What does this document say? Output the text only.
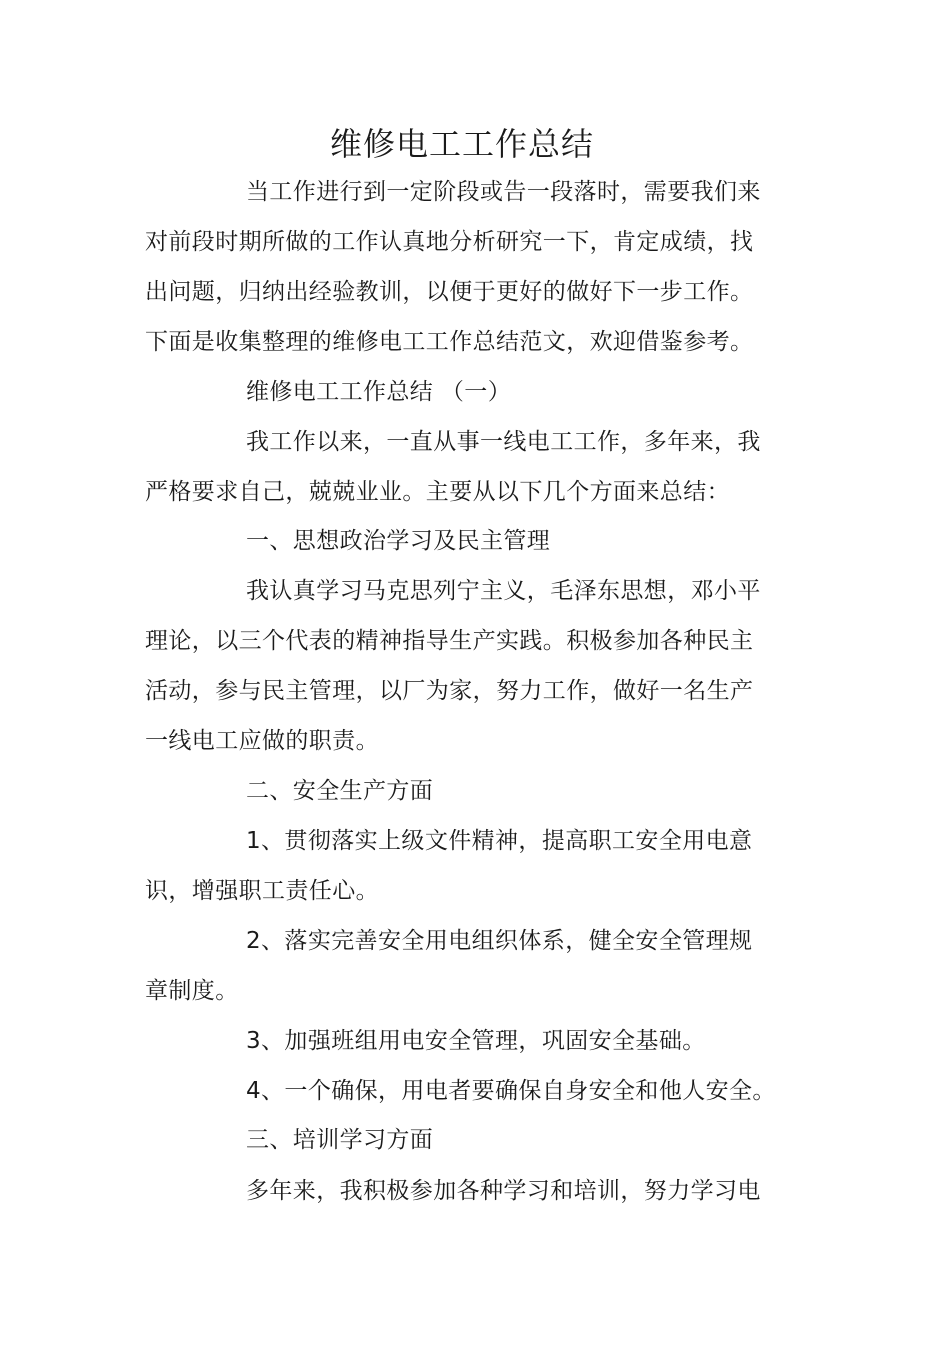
维修电工工作总结
当工作进行到一定阶段或告一段落时，需要我们来
对前段时期所做的工作认真地分析研究一下，肯定成绩，找
出问题，归纳出经验教训，以便于更好的做好下一步工作。
下面是收集整理的维修电工工作总结范文，欢迎借鉴参考。
维修电工工作总结 （一）
我工作以来，一直从事一线电工工作，多年来，我
严格要求自己，兢兢业业。主要从以下几个方面来总结：
一、思想政治学习及民主管理
我认真学习马克思列宁主义，毛泽东思想，邓小平
理论，以三个代表的精神指导生产实践。积极参加各种民主
活动，参与民主管理，以厂为家，努力工作，做好一名生产
一线电工应做的职责。
二、安全生产方面
1、贯彻落实上级文件精神，提高职工安全用电意
识，增强职工责任心。
2、落实完善安全用电组织体系，健全安全管理规
章制度。
3、加强班组用电安全管理，巩固安全基础。
4、一个确保，用电者要确保自身安全和他人安全。
三、培训学习方面
多年来，我积极参加各种学习和培训，努力学习电
